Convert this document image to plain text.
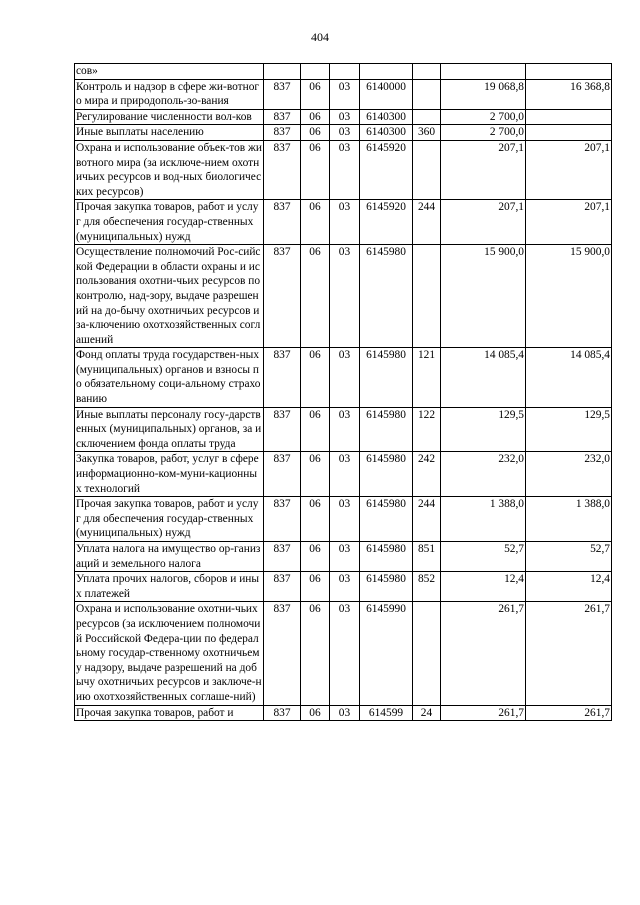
404
сов»							
Контроль и надзор в сфере жи-вотного мира и природополь-зо-вания	837	06	03	6140000		19 068,8	16 368,8
Регулирование численности вол-ков	837	06	03	6140300		2 700,0	
Иные выплаты населению	837	06	03	6140300	360	2 700,0	
Охрана и использование объек-тов животного мира (за исключе-нием охотничьих ресурсов и вод-ных биологических ресурсов)	837	06	03	6145920		207,1	207,1
Прочая закупка товаров, работ и услуг для обеспечения государ-ственных (муниципальных) нужд	837	06	03	6145920	244	207,1	207,1
Осуществление полномочий Рос-сийской Федерации в области охраны и использования охотни-чьих ресурсов по контролю, над-зору, выдаче разрешений на до-бычу охотничьих ресурсов и за-ключению охотхозяйственных соглашений	837	06	03	6145980		15 900,0	15 900,0
Фонд оплаты труда государствен-ных (муниципальных) органов и взносы по обязательному соци-альному страхованию	837	06	03	6145980	121	14 085,4	14 085,4
Иные выплаты персоналу госу-дарственных (муниципальных) органов, за исключением фонда оплаты труда	837	06	03	6145980	122	129,5	129,5
Закупка товаров, работ, услуг в сфере информационно-ком-муни-кационных технологий	837	06	03	6145980	242	232,0	232,0
Прочая закупка товаров, работ и услуг для обеспечения государ-ственных (муниципальных) нужд	837	06	03	6145980	244	1 388,0	1 388,0
Уплата налога на имущество ор-ганизаций и земельного налога	837	06	03	6145980	851	52,7	52,7
Уплата прочих налогов, сборов и иных платежей	837	06	03	6145980	852	12,4	12,4
Охрана и использование охотни-чьих ресурсов (за исключением полномочий Российской Федера-ции по федеральному государ-ственному охотничьему надзору, выдаче разрешений на добычу охотничьих ресурсов и заключе-нию охотхозяйственных соглаше-ний)	837	06	03	6145990		261,7	261,7
Прочая закупка товаров, работ и	837	06	03	614599	24	261,7	261,7
